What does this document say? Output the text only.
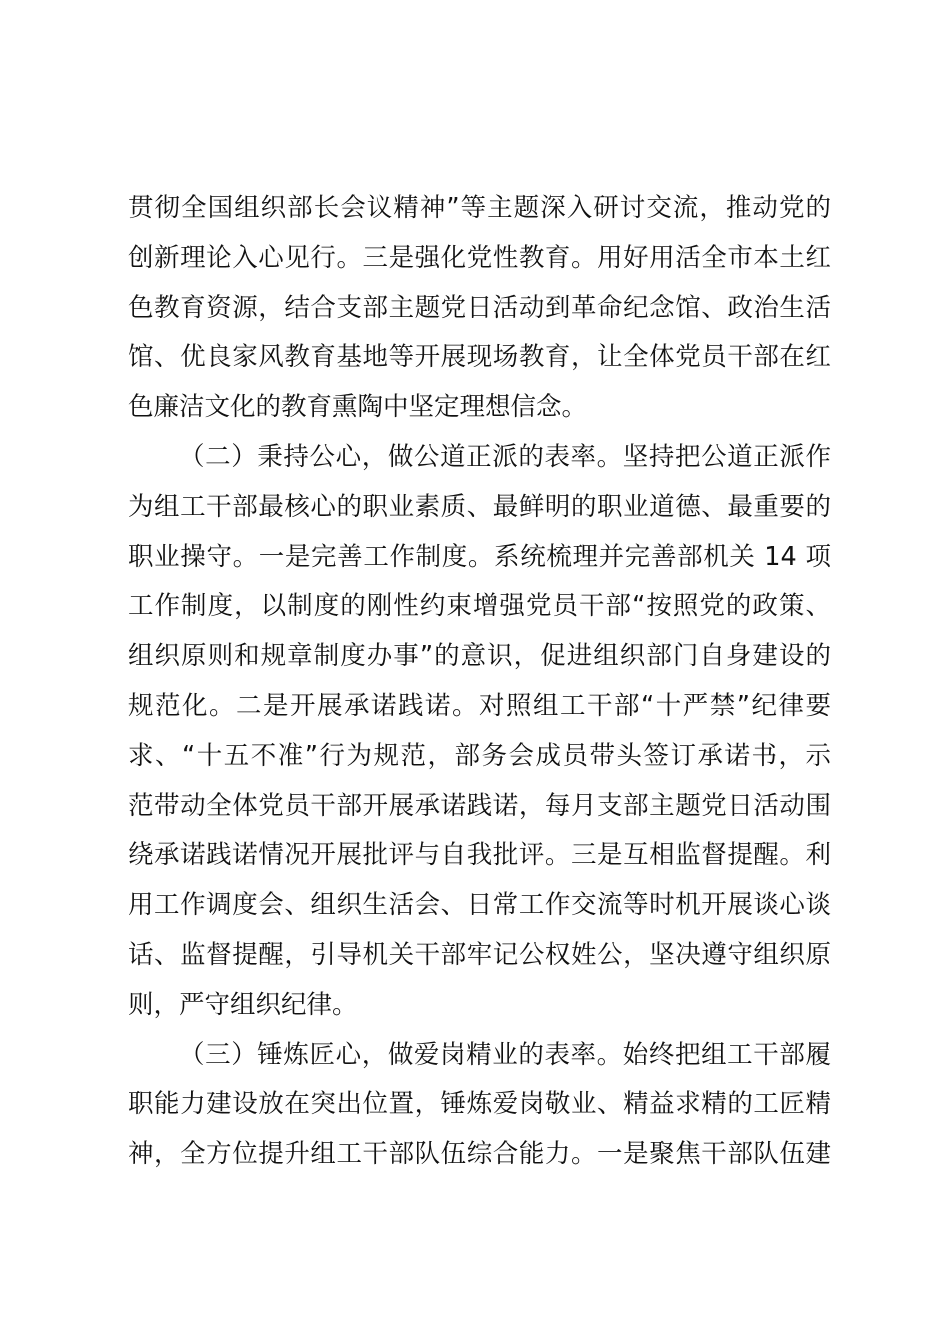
贯彻全国组织部长会议精神”等主题深入研讨交流，推动党的
创新理论入心见行。三是强化党性教育。用好用活全市本土红
色教育资源，结合支部主题党日活动到革命纪念馆、政治生活
馆、优良家风教育基地等开展现场教育，让全体党员干部在红
色廉洁文化的教育熏陶中坚定理想信念。
（二）秉持公心，做公道正派的表率。坚持把公道正派作
为组工干部最核心的职业素质、最鲜明的职业道德、最重要的
职业操守。一是完善工作制度。系统梳理并完善部机关 14 项
工作制度，以制度的刚性约束增强党员干部“按照党的政策、
组织原则和规章制度办事”的意识，促进组织部门自身建设的
规范化。二是开展承诺践诺。对照组工干部“十严禁”纪律要
求、“十五不准”行为规范，部务会成员带头签订承诺书，示
范带动全体党员干部开展承诺践诺，每月支部主题党日活动围
绕承诺践诺情况开展批评与自我批评。三是互相监督提醒。利
用工作调度会、组织生活会、日常工作交流等时机开展谈心谈
话、监督提醒，引导机关干部牢记公权姓公，坚决遵守组织原
则，严守组织纪律。
（三）锤炼匠心，做爱岗精业的表率。始终把组工干部履
职能力建设放在突出位置，锤炼爱岗敬业、精益求精的工匠精
神，全方位提升组工干部队伍综合能力。一是聚焦干部队伍建
